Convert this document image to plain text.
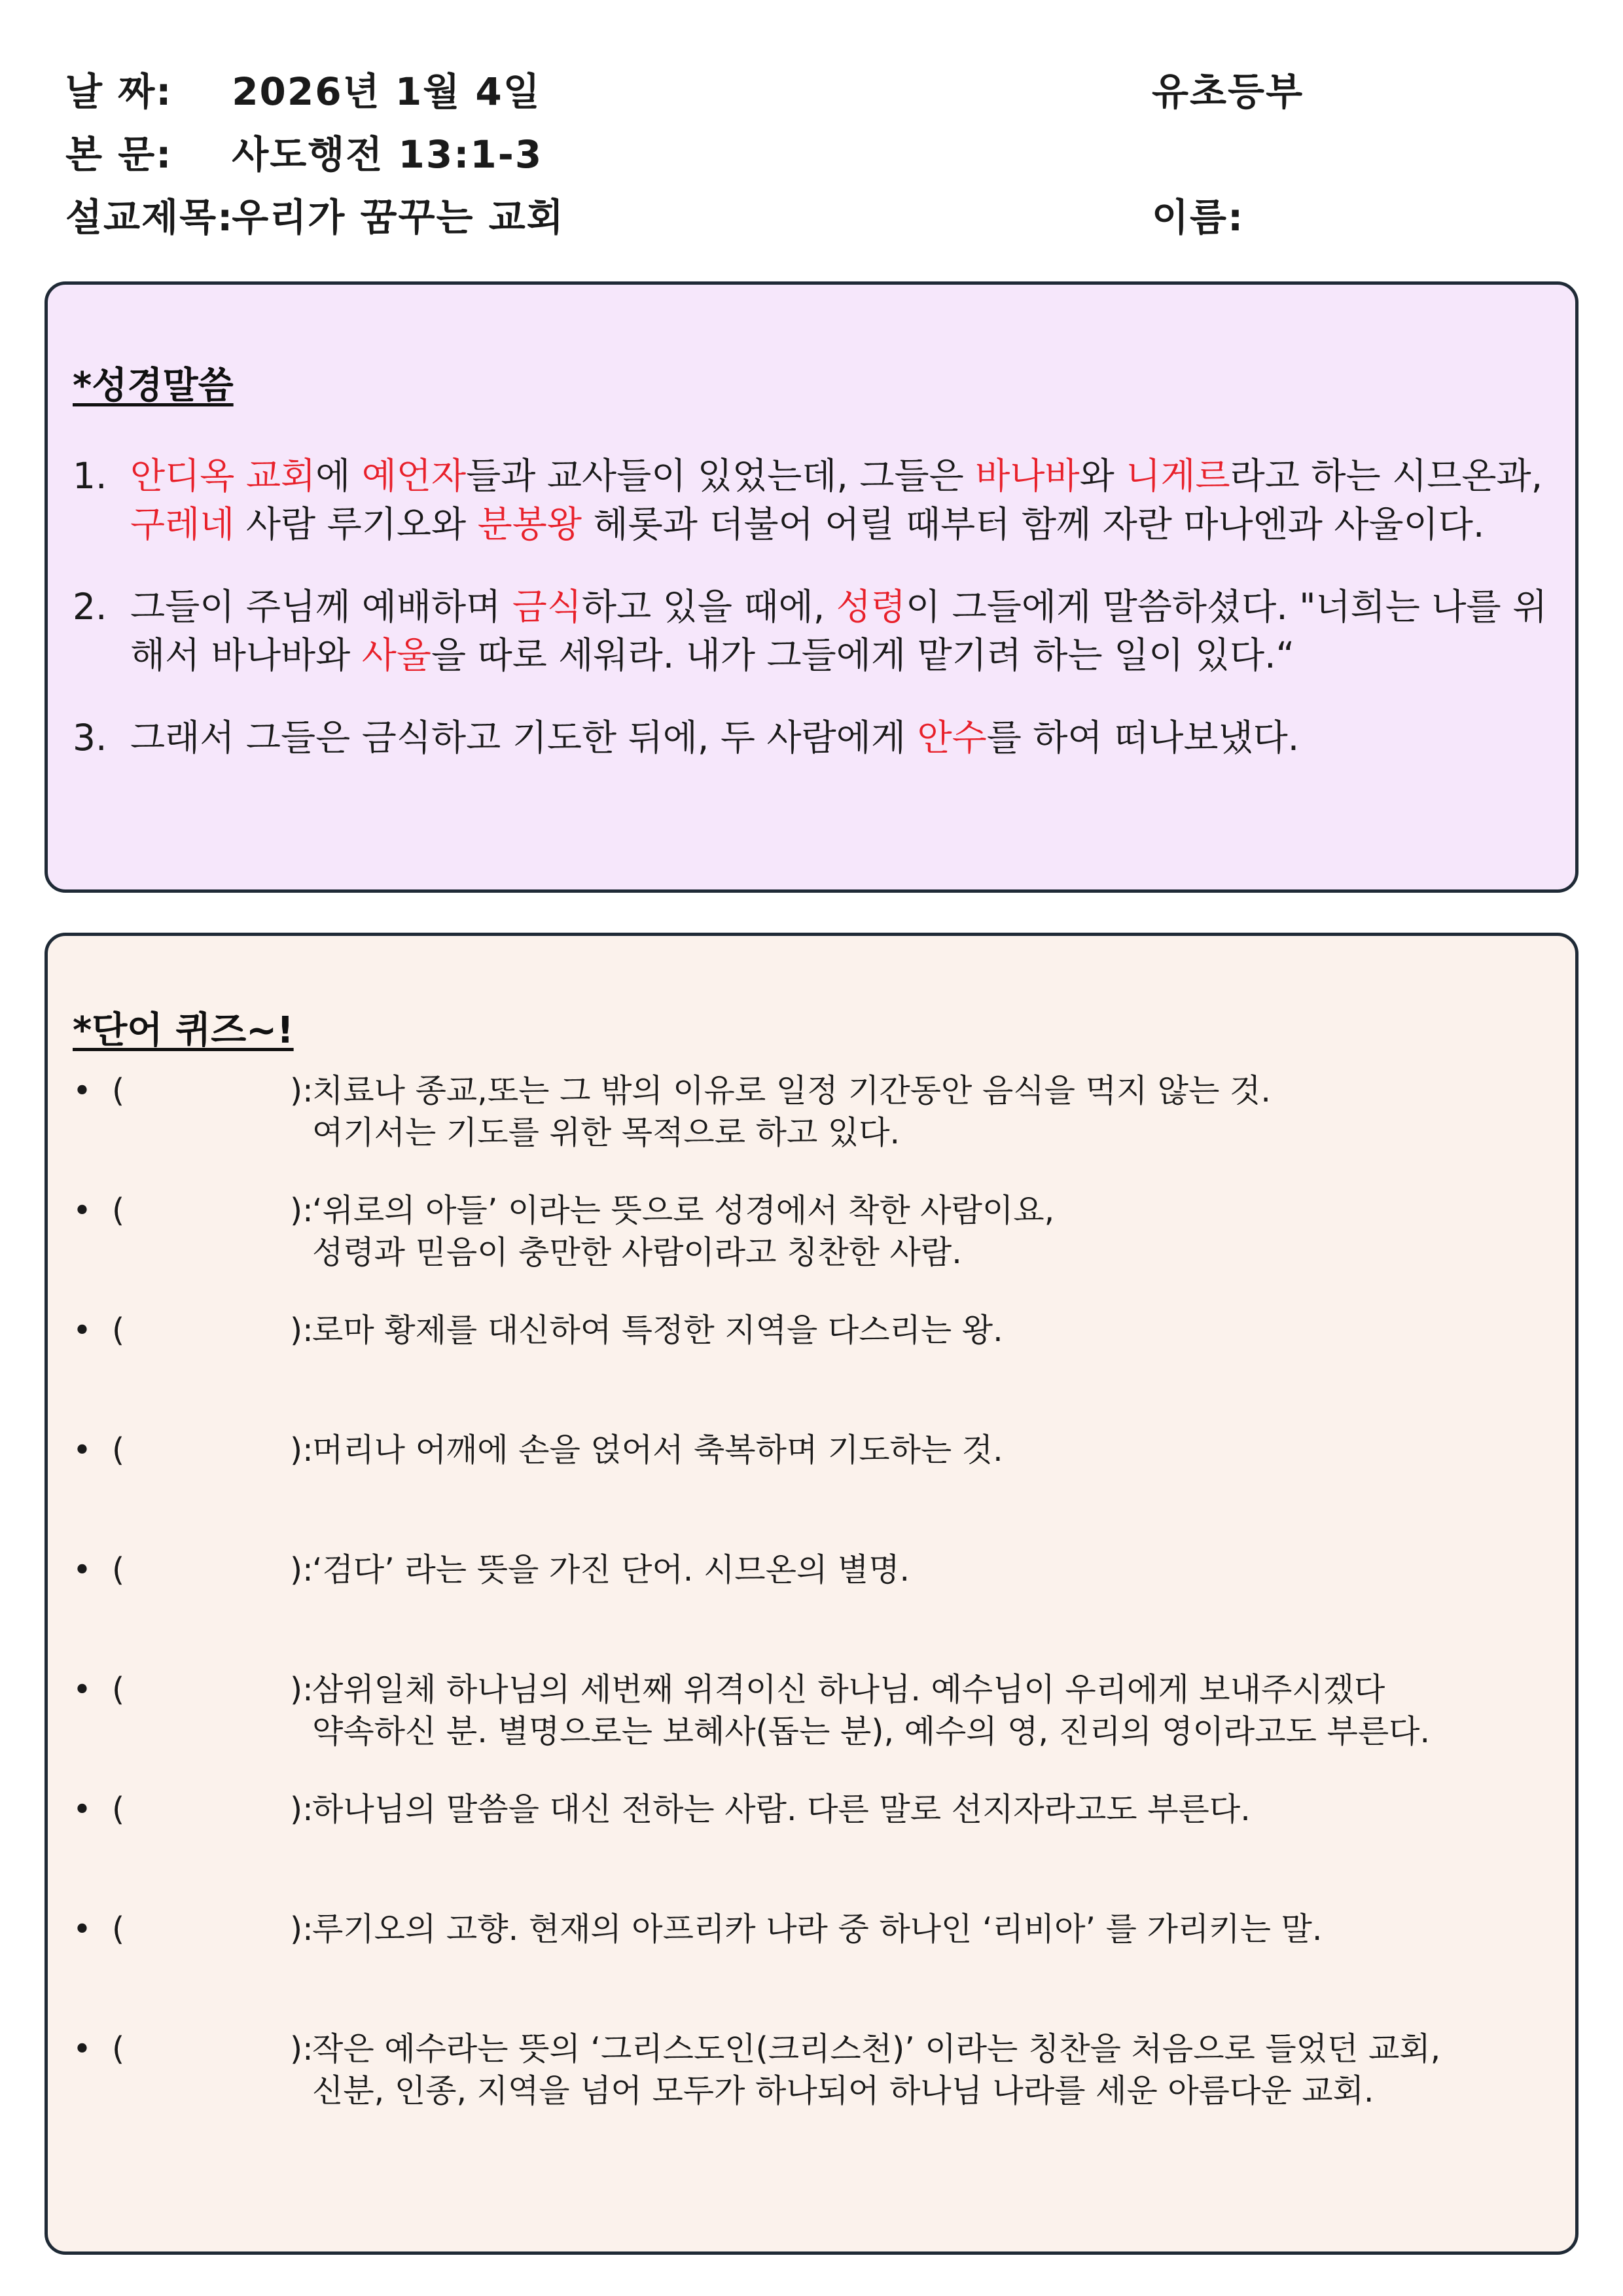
날 짜: 2026년 1월 4일
본 문: 사도행전 13:1-3
설교제목: 우리가 꿈꾸는 교회
유초등부
이름:
*성경말씀
1. 안디옥 교회에 예언자들과 교사들이 있었는데, 그들은 바나바와 니게르라고 하는 시므온과, 구레네 사람 루기오와 분봉왕 헤롯과 더불어 어릴 때부터 함께 자란 마나엔과 사울이다.
2. 그들이 주님께 예배하며 금식하고 있을 때에, 성령이 그들에게 말씀하셨다. "너희는 나를 위해서 바나바와 사울을 따로 세워라. 내가 그들에게 맡기려 하는 일이 있다.“
3. 그래서 그들은 금식하고 기도한 뒤에, 두 사람에게 안수를 하여 떠나보냈다.
*단어 퀴즈~!
• (	):
치료나 종교,또는 그 밖의 이유로 일정 기간동안 음식을 먹지 않는 것.
여기서는 기도를 위한 목적으로 하고 있다.
• (	):
‘위로의 아들’ 이라는 뜻으로 성경에서 착한 사람이요,
성령과 믿음이 충만한 사람이라고 칭찬한 사람.
• (	):
로마 황제를 대신하여 특정한 지역을 다스리는 왕.
• (	):
머리나 어깨에 손을 얹어서 축복하며 기도하는 것.
• (	):
‘검다’ 라는 뜻을 가진 단어. 시므온의 별명.
• (	):
삼위일체 하나님의 세번째 위격이신 하나님. 예수님이 우리에게 보내주시겠다
약속하신 분. 별명으로는 보혜사(돕는 분), 예수의 영, 진리의 영이라고도 부른다.
• (	):
하나님의 말씀을 대신 전하는 사람. 다른 말로 선지자라고도 부른다.
• (	):
루기오의 고향. 현재의 아프리카 나라 중 하나인 ‘리비아’ 를 가리키는 말.
• (	):
작은 예수라는 뜻의 ‘그리스도인(크리스천)’ 이라는 칭찬을 처음으로 들었던 교회,
신분, 인종, 지역을 넘어 모두가 하나되어 하나님 나라를 세운 아름다운 교회.
